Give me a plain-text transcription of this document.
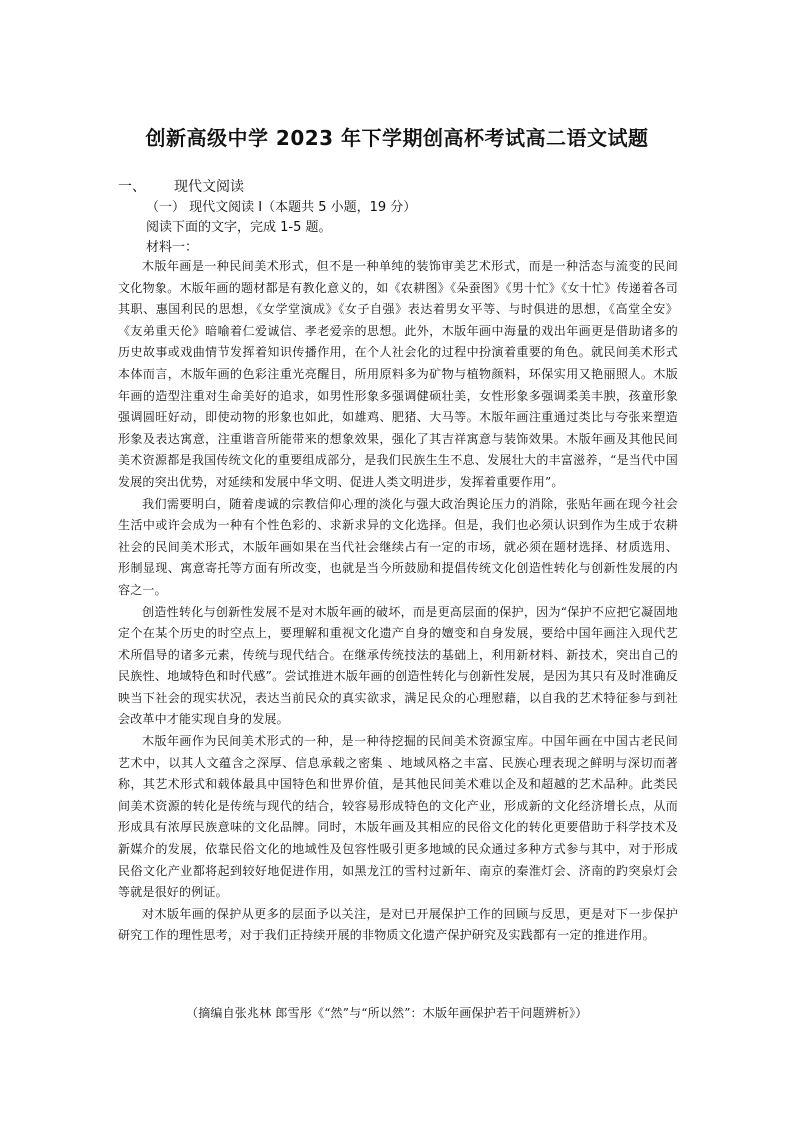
创新高级中学 2023 年下学期创高杯考试高二语文试题
一、 现代文阅读
（一） 现代文阅读 I（本题共 5 小题，19 分）
阅读下面的文字，完成 1-5 题。
材料一：

木版年画是一种民间美术形式，但不是一种单纯的装饰审美艺术形式，而是一种活态与流变的民间文化物象。木版年画的题材都是有教化意义的，如《农耕图》《朵蚕图》《男十忙》《女十忙》传递着各司其职、惠国利民的思想，《女学堂演成》《女子自强》表达着男女平等、与时俱进的思想，《高堂全安》《友弟重天伦》暗喻着仁爱诚信、孝老爱亲的思想。此外，木版年画中海量的戏出年画更是借助诸多的历史故事或戏曲情节发挥着知识传播作用，在个人社会化的过程中扮演着重要的角色。就民间美术形式本体而言，木版年画的色彩注重光亮醒目，所用原料多为矿物与植物颜料，环保实用又艳丽照人。木版年画的造型注重对生命美好的追求，如男性形象多强调健硕壮美，女性形象多强调柔美丰腴，孩童形象强调圆旺好动，即使动物的形象也如此，如雄鸡、肥猪、大马等。木版年画注重通过类比与夸张来塑造形象及表达寓意，注重谐音所能带来的想象效果，强化了其吉祥寓意与装饰效果。木版年画及其他民间美术资源都是我国传统文化的重要组成部分，是我们民族生生不息、发展壮大的丰富滋养，“是当代中国发展的突出优势，对延续和发展中华文明、促进人类文明进步，发挥着重要作用”。

我们需要明白，随着虔诚的宗教信仰心理的淡化与强大政治舆论压力的消除，张贴年画在现今社会生活中或许会成为一种有个性色彩的、求新求异的文化选择。但是，我们也必须认识到作为生成于农耕社会的民间美术形式，木版年画如果在当代社会继续占有一定的市场，就必须在题材选择、材质选用、形制显现、寓意寄托等方面有所改变，也就是当今所鼓励和提倡传统文化创造性转化与创新性发展的内容之一。

创造性转化与创新性发展不是对木版年画的破坏，而是更高层面的保护，因为“保护不应把它凝固地定个在某个历史的时空点上，要理解和重视文化遗产自身的嬗变和自身发展，要给中国年画注入现代艺术所倡导的诸多元素，传统与现代结合。在继承传统技法的基础上，利用新材料、新技术，突出自己的民族性、地域特色和时代感”。尝试推进木版年画的创造性转化与创新性发展，是因为其只有及时准确反映当下社会的现实状况，表达当前民众的真实欲求，满足民众的心理慰藉，以自我的艺术特征参与到社会改革中才能实现自身的发展。

木版年画作为民间美术形式的一种，是一种待挖掘的民间美术资源宝库。中国年画在中国古老民间艺术中，以其人文蕴含之深厚、信息承载之密集 、地域风格之丰富、民族心理表现之鲜明与深切而著称，其艺术形式和载体最具中国特色和世界价值，是其他民间美术难以企及和超越的艺术品种。此类民间美术资源的转化是传统与现代的结合，较容易形成特色的文化产业，形成新的文化经济增长点，从而形成具有浓厚民族意味的文化品牌。同时，木版年画及其相应的民俗文化的转化更要借助于科学技术及新媒介的发展，依靠民俗文化的地域性及包容性吸引更多地域的民众通过多种方式参与其中，对于形成民俗文化产业都将起到较好地促进作用，如黑龙江的雪村过新年、南京的秦淮灯会、济南的趵突泉灯会等就是很好的例证。

对木版年画的保护从更多的层面予以关注，是对已开展保护工作的回顾与反思，更是对下一步保护研究工作的理性思考，对于我们正持续开展的非物质文化遗产保护研究及实践都有一定的推进作用。

（摘编自张兆林 郎雪彤《“然”与“所以然”：木版年画保护若干问题辨析》）
